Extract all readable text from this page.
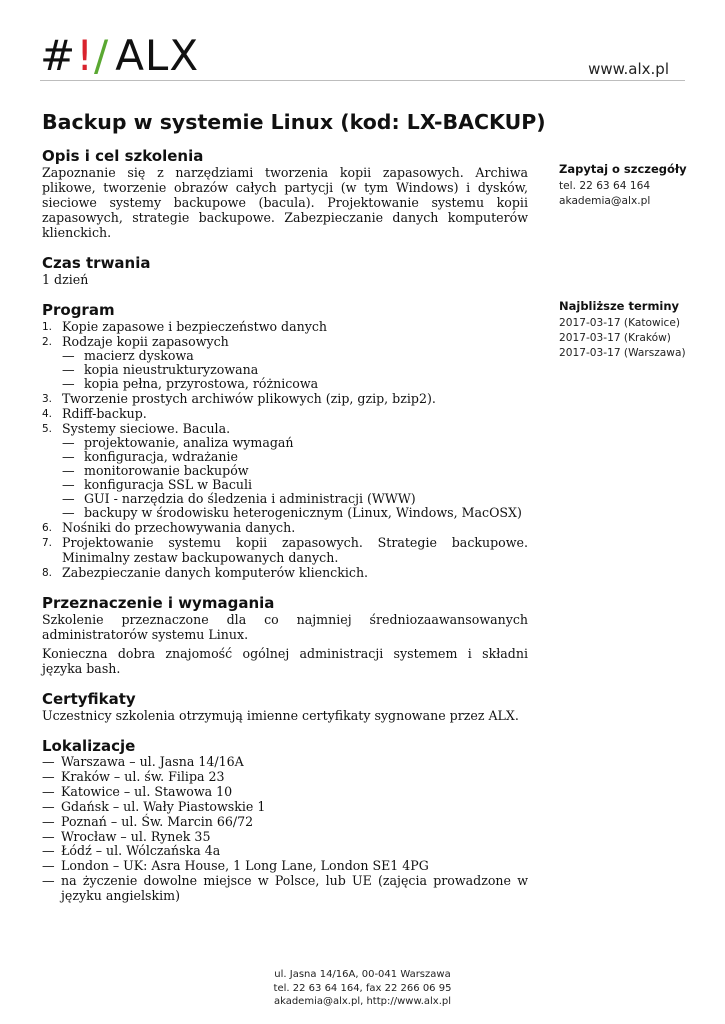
#!/ ALX	www.alx.pl
Backup w systemie Linux (kod: LX-BACKUP)
Opis i cel szkolenia

Zapoznanie się z narzędziami tworzenia kopii zapasowych. Archiwa plikowe, tworzenie obrazów całych partycji (w tym Windows) i dysków, sieciowe systemy backupowe (bacula). Projektowanie systemu kopii zapasowych, strategie backupowe. Zabezpieczanie danych komputerów klienckich.

Czas trwania

1 dzień

Program
1. Kopie zapasowe i bezpieczeństwo danych
2. Rodzaje kopii zapasowych
— macierz dyskowa
— kopia nieustrukturyzowana
— kopia pełna, przyrostowa, różnicowa
3. Tworzenie prostych archiwów plikowych (zip, gzip, bzip2).
4. Rdiff-backup.
5. Systemy sieciowe. Bacula.
— projektowanie, analiza wymagań
— konfiguracja, wdrażanie
— monitorowanie backupów
— konfiguracja SSL w Baculi
— GUI - narzędzia do śledzenia i administracji (WWW)
— backupy w środowisku heterogenicznym (Linux, Windows, MacOSX)
6. Nośniki do przechowywania danych.
7. Projektowanie systemu kopii zapasowych. Strategie backupowe. Minimalny zestaw backupowanych danych.
8. Zabezpieczanie danych komputerów klienckich.
Przeznaczenie i wymagania

Szkolenie przeznaczone dla co najmniej średniozaawansowanych administratorów systemu Linux.

Konieczna dobra znajomość ogólnej administracji systemem i składni języka bash.

Certyfikaty

Uczestnicy szkolenia otrzymują imienne certyfikaty sygnowane przez ALX.

Lokalizacje
— Warszawa – ul. Jasna 14/16A
— Kraków – ul. św. Filipa 23
— Katowice – ul. Stawowa 10
— Gdańsk – ul. Wały Piastowskie 1
— Poznań – ul. Św. Marcin 66/72
— Wrocław – ul. Rynek 35
— Łódź – ul. Wólczańska 4a
— London – UK: Asra House, 1 Long Lane, London SE1 4PG
— na życzenie dowolne miejsce w Polsce, lub UE (zajęcia prowadzone w języku angielskim)
Zapytaj o szczegóły
tel. 22 63 64 164
akademia@alx.pl
Najbliższe terminy
2017-03-17 (Katowice)
2017-03-17 (Kraków)
2017-03-17 (Warszawa)
ul. Jasna 14/16A, 00-041 Warszawa
tel. 22 63 64 164, fax 22 266 06 95
akademia@alx.pl, http://www.alx.pl
